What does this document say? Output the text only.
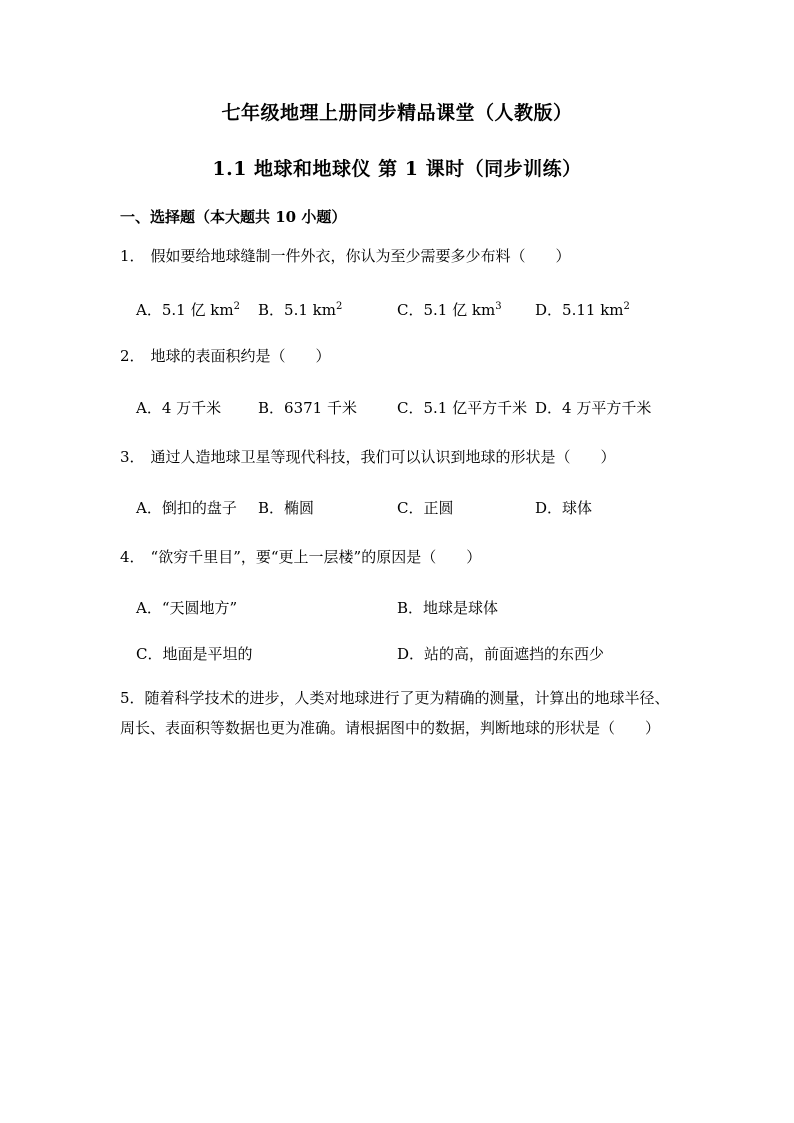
七年级地理上册同步精品课堂（人教版）
1.1 地球和地球仪 第 1 课时（同步训练）
一、选择题（本大题共 10 小题）
1． 假如要给地球缝制一件外衣，你认为至少需要多少布料（　　）
A．5.1 亿 $km^2$ B．5.1 $km^2$	C．5.1 亿 $km^3$ D．5.11 $km^2$
2． 地球的表面积约是（　　）
A．4 万千米 B．6371 千米	C．5.1 亿平方千米 D．4 万平方千米
3． 通过人造地球卫星等现代科技，我们可以认识到地球的形状是（　　）
A．倒扣的盘子 B．椭圆	C．正圆	D．球体
4． “欲穷千里目”，要“更上一层楼”的原因是（　　）
A．“天圆地方”	B．地球是球体
C．地面是平坦的	D．站的高，前面遮挡的东西少
5．随着科学技术的进步，人类对地球进行了更为精确的测量，计算出的地球半径、周长、表面积等数据也更为准确。请根据图中的数据，判断地球的形状是（　　）
